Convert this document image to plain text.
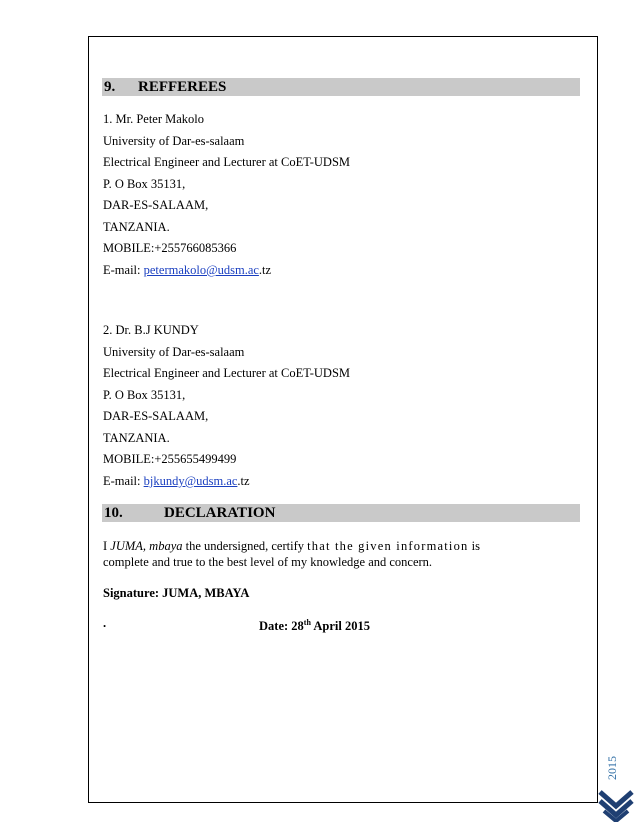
9. REFFEREES
1. Mr. Peter Makolo
University of Dar-es-salaam
Electrical Engineer and Lecturer at CoET-UDSM
P. O Box 35131,
DAR-ES-SALAAM,
TANZANIA.
MOBILE:+255766085366
E-mail: petermakolo@udsm.ac.tz
2. Dr. B.J KUNDY
University of Dar-es-salaam
Electrical Engineer and Lecturer at CoET-UDSM
P. O Box 35131,
DAR-ES-SALAAM,
TANZANIA.
MOBILE:+255655499499
E-mail: bjkundy@udsm.ac.tz
10.	DECLARATION
I JUMA, mbaya the undersigned, certify that the given information is
complete and true to the best level of my knowledge and concern.
Signature: JUMA, MBAYA
.	Date: 28th April 2015
2015
